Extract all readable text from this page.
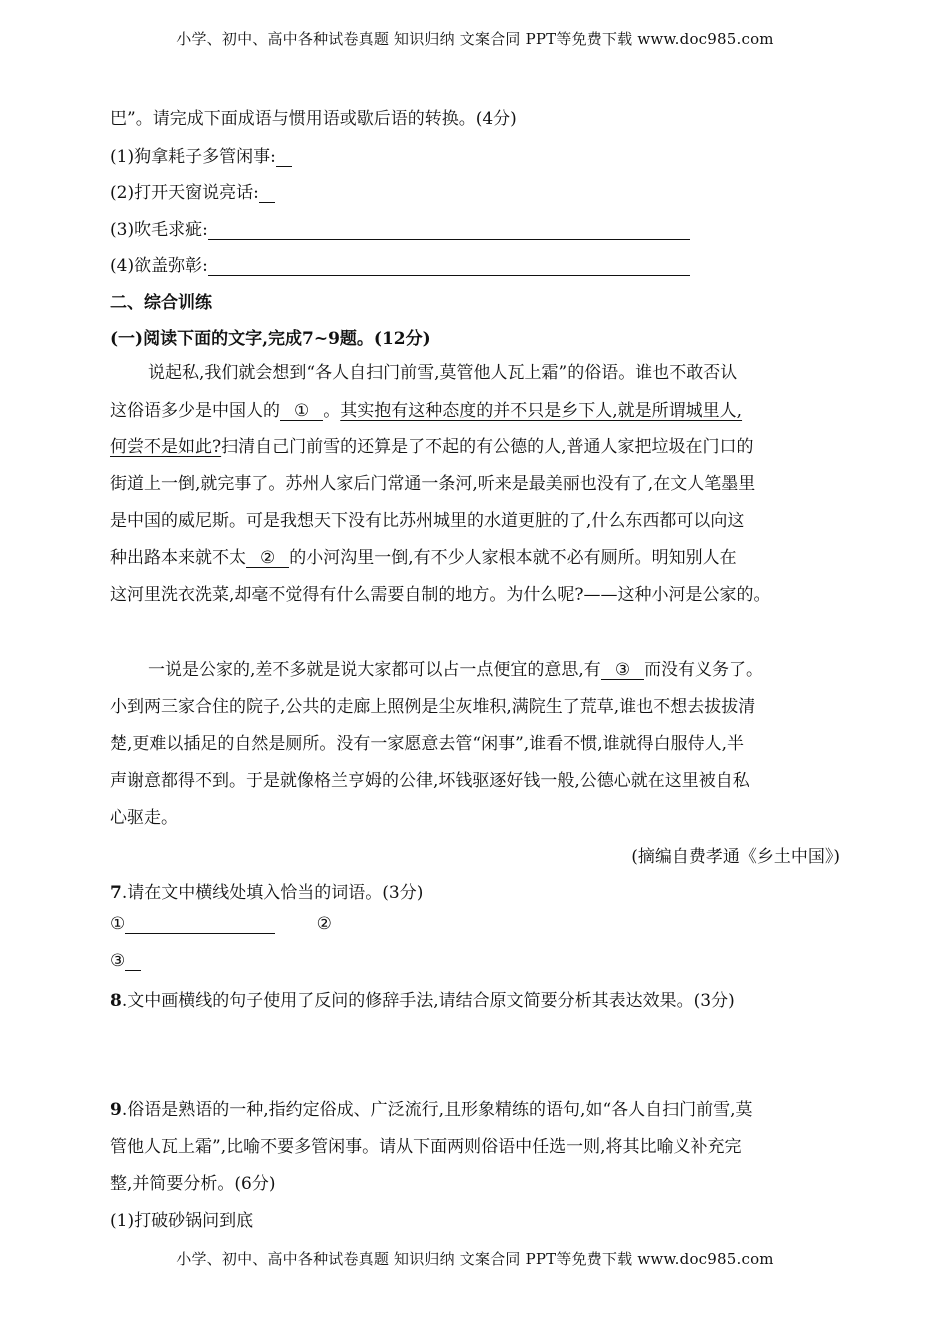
小学、初中、高中各种试卷真题 知识归纳 文案合同 PPT等免费下载 www.doc985.com
巴”。请完成下面成语与惯用语或歇后语的转换。(4分)
(1)狗拿耗子多管闲事:
(2)打开天窗说亮话:
(3)吹毛求疵:
(4)欲盖弥彰:
二、综合训练
(一)阅读下面的文字,完成7~9题。(12分)
说起私,我们就会想到“各人自扫门前雪,莫管他人瓦上霜”的俗语。谁也不敢否认
这俗语多少是中国人的 ① 。其实抱有这种态度的并不只是乡下人,就是所谓城里人,
何尝不是如此?扫清自己门前雪的还算是了不起的有公德的人,普通人家把垃圾在门口的
街道上一倒,就完事了。苏州人家后门常通一条河,听来是最美丽也没有了,在文人笔墨里
是中国的威尼斯。可是我想天下没有比苏州城里的水道更脏的了,什么东西都可以向这
种出路本来就不太 ② 的小河沟里一倒,有不少人家根本就不必有厕所。明知别人在
这河里洗衣洗菜,却毫不觉得有什么需要自制的地方。为什么呢?——这种小河是公家的。
一说是公家的,差不多就是说大家都可以占一点便宜的意思,有 ③ 而没有义务了。
小到两三家合住的院子,公共的走廊上照例是尘灰堆积,满院生了荒草,谁也不想去拔拔清
楚,更难以插足的自然是厕所。没有一家愿意去管“闲事”,谁看不惯,谁就得白服侍人,半
声谢意都得不到。于是就像格兰亨姆的公律,坏钱驱逐好钱一般,公德心就在这里被自私
心驱走。
(摘编自费孝通《乡土中国》)
7.请在文中横线处填入恰当的词语。(3分)
①	②
③
8.文中画横线的句子使用了反问的修辞手法,请结合原文简要分析其表达效果。(3分)
9.俗语是熟语的一种,指约定俗成、广泛流行,且形象精练的语句,如“各人自扫门前雪,莫
管他人瓦上霜”,比喻不要多管闲事。请从下面两则俗语中任选一则,将其比喻义补充完
整,并简要分析。(6分)
(1)打破砂锅问到底
小学、初中、高中各种试卷真题 知识归纳 文案合同 PPT等免费下载 www.doc985.com
